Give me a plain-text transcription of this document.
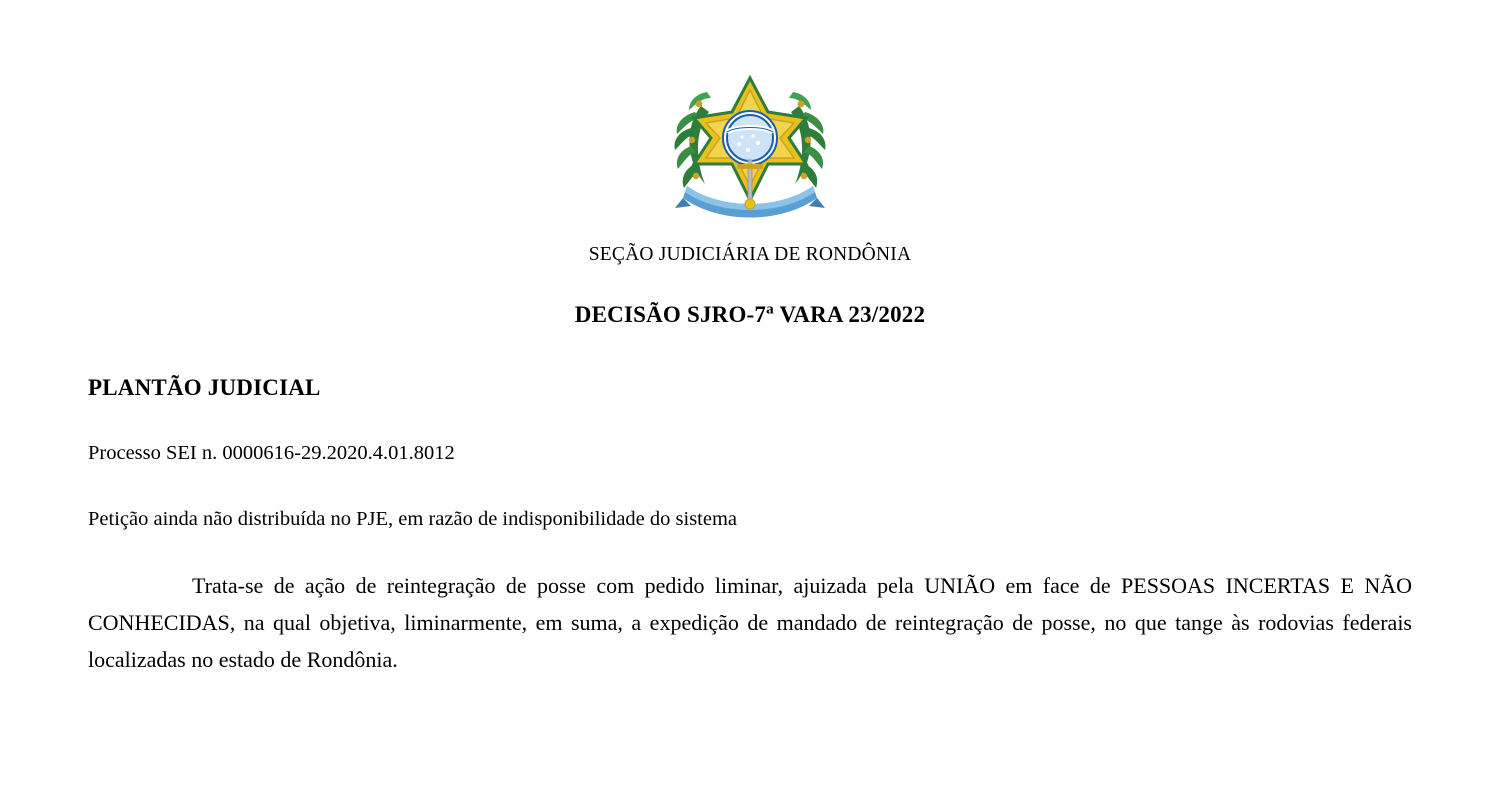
SEÇÃO JUDICIÁRIA DE RONDÔNIA
DECISÃO SJRO-7$^a$ VARA 23/2022
PLANTÃO JUDICIAL
Processo SEI n. 0000616-29.2020.4.01.8012
Petição ainda não distribuída no PJE, em razão de indisponibilidade do sistema

Trata-se de ação de reintegração de posse com pedido liminar, ajuizada pela UNIÃO em face de PESSOAS INCERTAS E NÃO CONHECIDAS, na qual objetiva, liminarmente, em suma, a expedição de mandado de reintegração de posse, no que tange às rodovias federais localizadas no estado de Rondônia.
